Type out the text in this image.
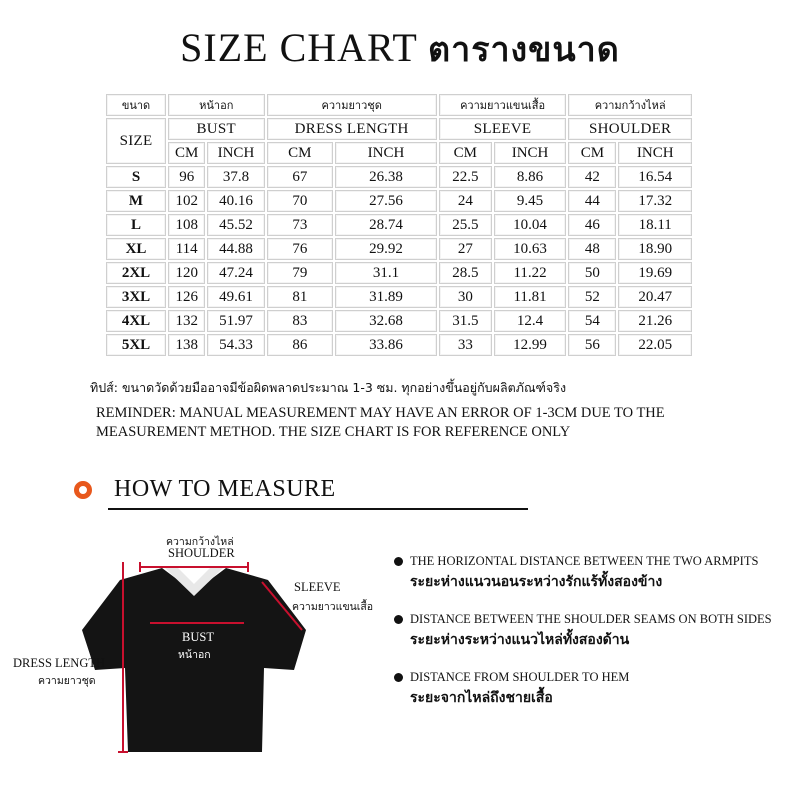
SIZE CHART ตารางขนาด
ขนาด	หน้าอก		ความยาวชุด		ความยาวแขนเสื้อ		ความกว้างไหล่	
SIZE	BUST		DRESS LENGTH		SLEEVE		SHOULDER	
	CM	INCH	CM	INCH	CM	INCH	CM	INCH
S	96	37.8	67	26.38	22.5	8.86	42	16.54
M	102	40.16	70	27.56	24	9.45	44	17.32
L	108	45.52	73	28.74	25.5	10.04	46	18.11
XL	114	44.88	76	29.92	27	10.63	48	18.90
2XL	120	47.24	79	31.1	28.5	11.22	50	19.69
3XL	126	49.61	81	31.89	30	11.81	52	20.47
4XL	132	51.97	83	32.68	31.5	12.4	54	21.26
5XL	138	54.33	86	33.86	33	12.99	56	22.05
ทิปส์: ขนาดวัดด้วยมืออาจมีข้อผิดพลาดประมาณ 1-3 ซม. ทุกอย่างขึ้นอยู่กับผลิตภัณฑ์จริง
REMINDER: MANUAL MEASUREMENT MAY HAVE AN ERROR OF 1-3CM DUE TO THE MEASUREMENT METHOD. THE SIZE CHART IS FOR REFERENCE ONLY
HOW TO MEASURE
ความกว้างไหล่
SHOULDER
SLEEVE
ความยาวแขนเสื้อ
DRESS LENGTH
ความยาวชุด
BUST
หน้าอก
THE HORIZONTAL DISTANCE BETWEEN THE TWO ARMPITS
ระยะห่างแนวนอนระหว่างรักแร้ทั้งสองข้าง
DISTANCE BETWEEN THE SHOULDER SEAMS ON BOTH SIDES
ระยะห่างระหว่างแนวไหล่ทั้งสองด้าน
DISTANCE FROM SHOULDER TO HEM
ระยะจากไหล่ถึงชายเสื้อ
